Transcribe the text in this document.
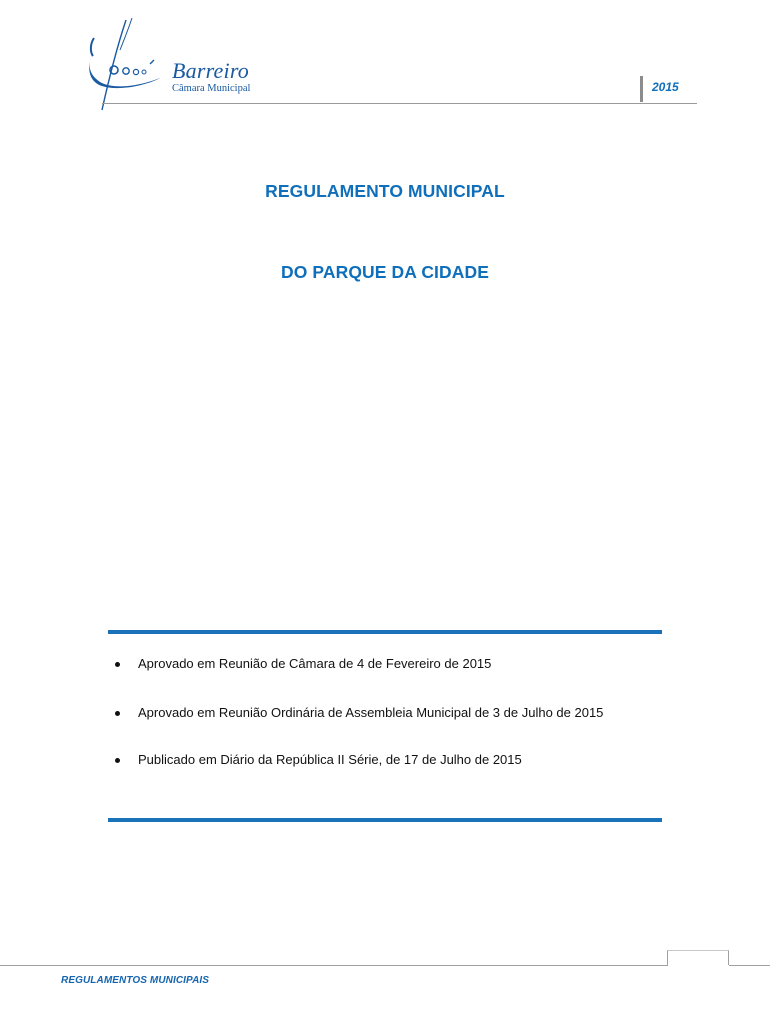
Barreiro
Câmara Municipal	2015
REGULAMENTO MUNICIPAL
DO PARQUE DA CIDADE
Aprovado em Reunião de Câmara de 4 de Fevereiro de 2015
Aprovado em Reunião Ordinária de Assembleia Municipal de 3 de Julho de 2015
Publicado em Diário da República II Série, de 17 de Julho de 2015
REGULAMENTOS MUNICIPAIS
